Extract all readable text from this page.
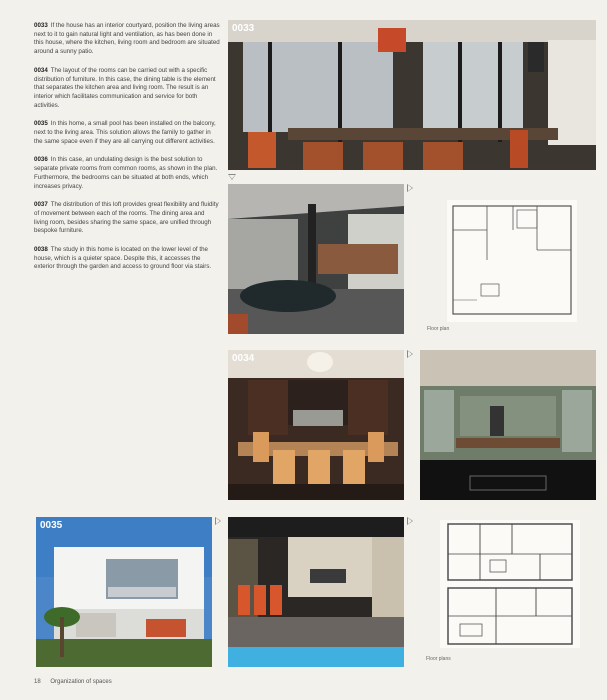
0033 If the house has an interior courtyard, position the living areas next to it to gain natural light and ventilation, as has been done in this house, where the kitchen, living room and bedroom are situated around a sunny patio.

0034 The layout of the rooms can be carried out with a specific distribution of furniture. In this case, the dining table is the element that separates the kitchen area and living room. The result is an interior which facilitates communication and service for both activities.

0035 In this home, a small pool has been installed on the balcony, next to the living area. This solution allows the family to gather in the same space even if they are all carrying out different activities.

0036 In this case, an undulating design is the best solution to separate private rooms from common rooms, as shown in the plan. Furthermore, the bedrooms can be situated at both ends, which increases privacy.

0037 The distribution of this loft provides great flexibility and fluidity of movement between each of the rooms. The dining area and living room, besides sharing the same space, are unified through bespoke furniture.

0038 The study in this home is located on the lower level of the house, which is a quieter space. Despite this, it accesses the exterior through the garden and access to ground floor via stairs.

0033
Floor plan
0034
0035
Floor plans
18 Organization of spaces
